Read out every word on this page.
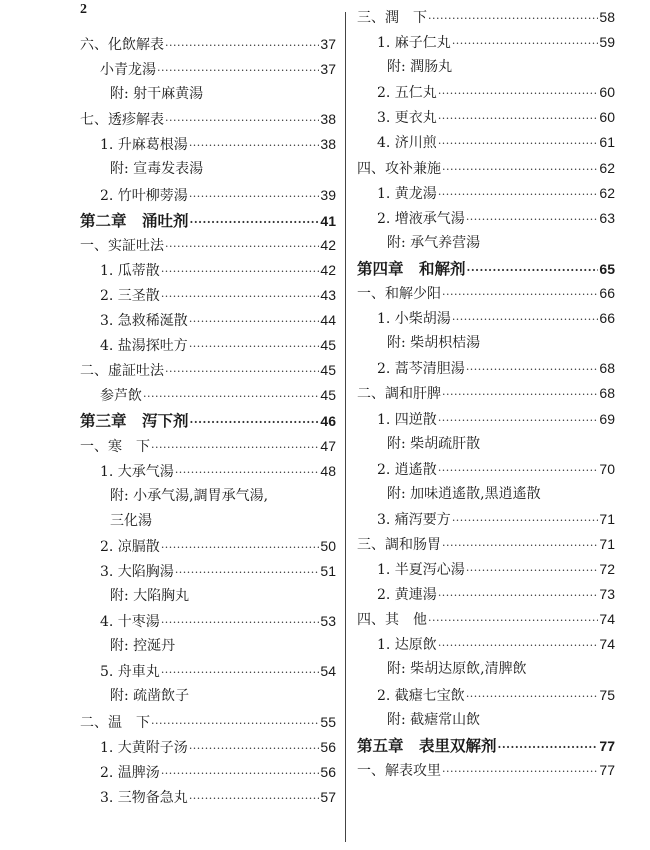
2
六、化飲解表 ·····	37
小青龙湯 ·····	37
附: 射干麻黄湯
七、透疹解表 ·····	38
1. 升麻葛根湯 ·····	38
附: 宣毒发表湯
2. 竹叶柳蒡湯 ·····	39
第二章　涌吐剂 ·····	41
一、实証吐法 ·····	42
1. 瓜蒂散 ·····	42
2. 三圣散 ·····	43
3. 急救稀涎散 ·····	44
4. 盐湯探吐方 ·····	45
二、虚証吐法 ·····	45
参芦飲 ·····	45
第三章　泻下剂 ·····	46
一、寒　下 ·····	47
1. 大承气湯 ·····	48
附: 小承气湯,調胃承气湯,
三化湯
2. 凉膈散 ·····	50
3. 大陷胸湯 ·····	51
附: 大陷胸丸
4. 十枣湯 ·····	53
附: 控涎丹
5. 舟車丸 ·····	54
附: 疏凿飲子
二、温　下 ·····	55
1. 大黄附子汤 ·····	56
2. 温脾汤 ·····	56
3. 三物备急丸 ·····	57
三、潤　下 ·····	58
1. 麻子仁丸 ·····	59
附: 潤肠丸
2. 五仁丸 ·····	60
3. 更衣丸 ·····	60
4. 济川煎 ·····	61
四、攻补兼施 ·····	62
1. 黄龙湯 ·····	62
2. 增液承气湯 ·····	63
附: 承气养营湯
第四章　和解剂 ·····	65
一、和解少阳 ·····	66
1. 小柴胡湯 ·····	66
附: 柴胡枳桔湯
2. 蒿芩清胆湯 ·····	68
二、調和肝脾 ·····	68
1. 四逆散 ·····	69
附: 柴胡疏肝散
2. 逍遙散 ·····	70
附: 加味逍遙散,黑逍遙散
3. 痛泻要方 ·····	71
三、調和肠胃 ·····	71
1. 半夏泻心湯 ·····	72
2. 黄連湯 ·····	73
四、其　他 ·····	74
1. 达原飲 ·····	74
附: 柴胡达原飲,清脾飲
2. 截瘧七宝飲 ·····	75
附: 截瘧常山飲
第五章　表里双解剂 ·····	77
一、解表攻里 ·····	77
